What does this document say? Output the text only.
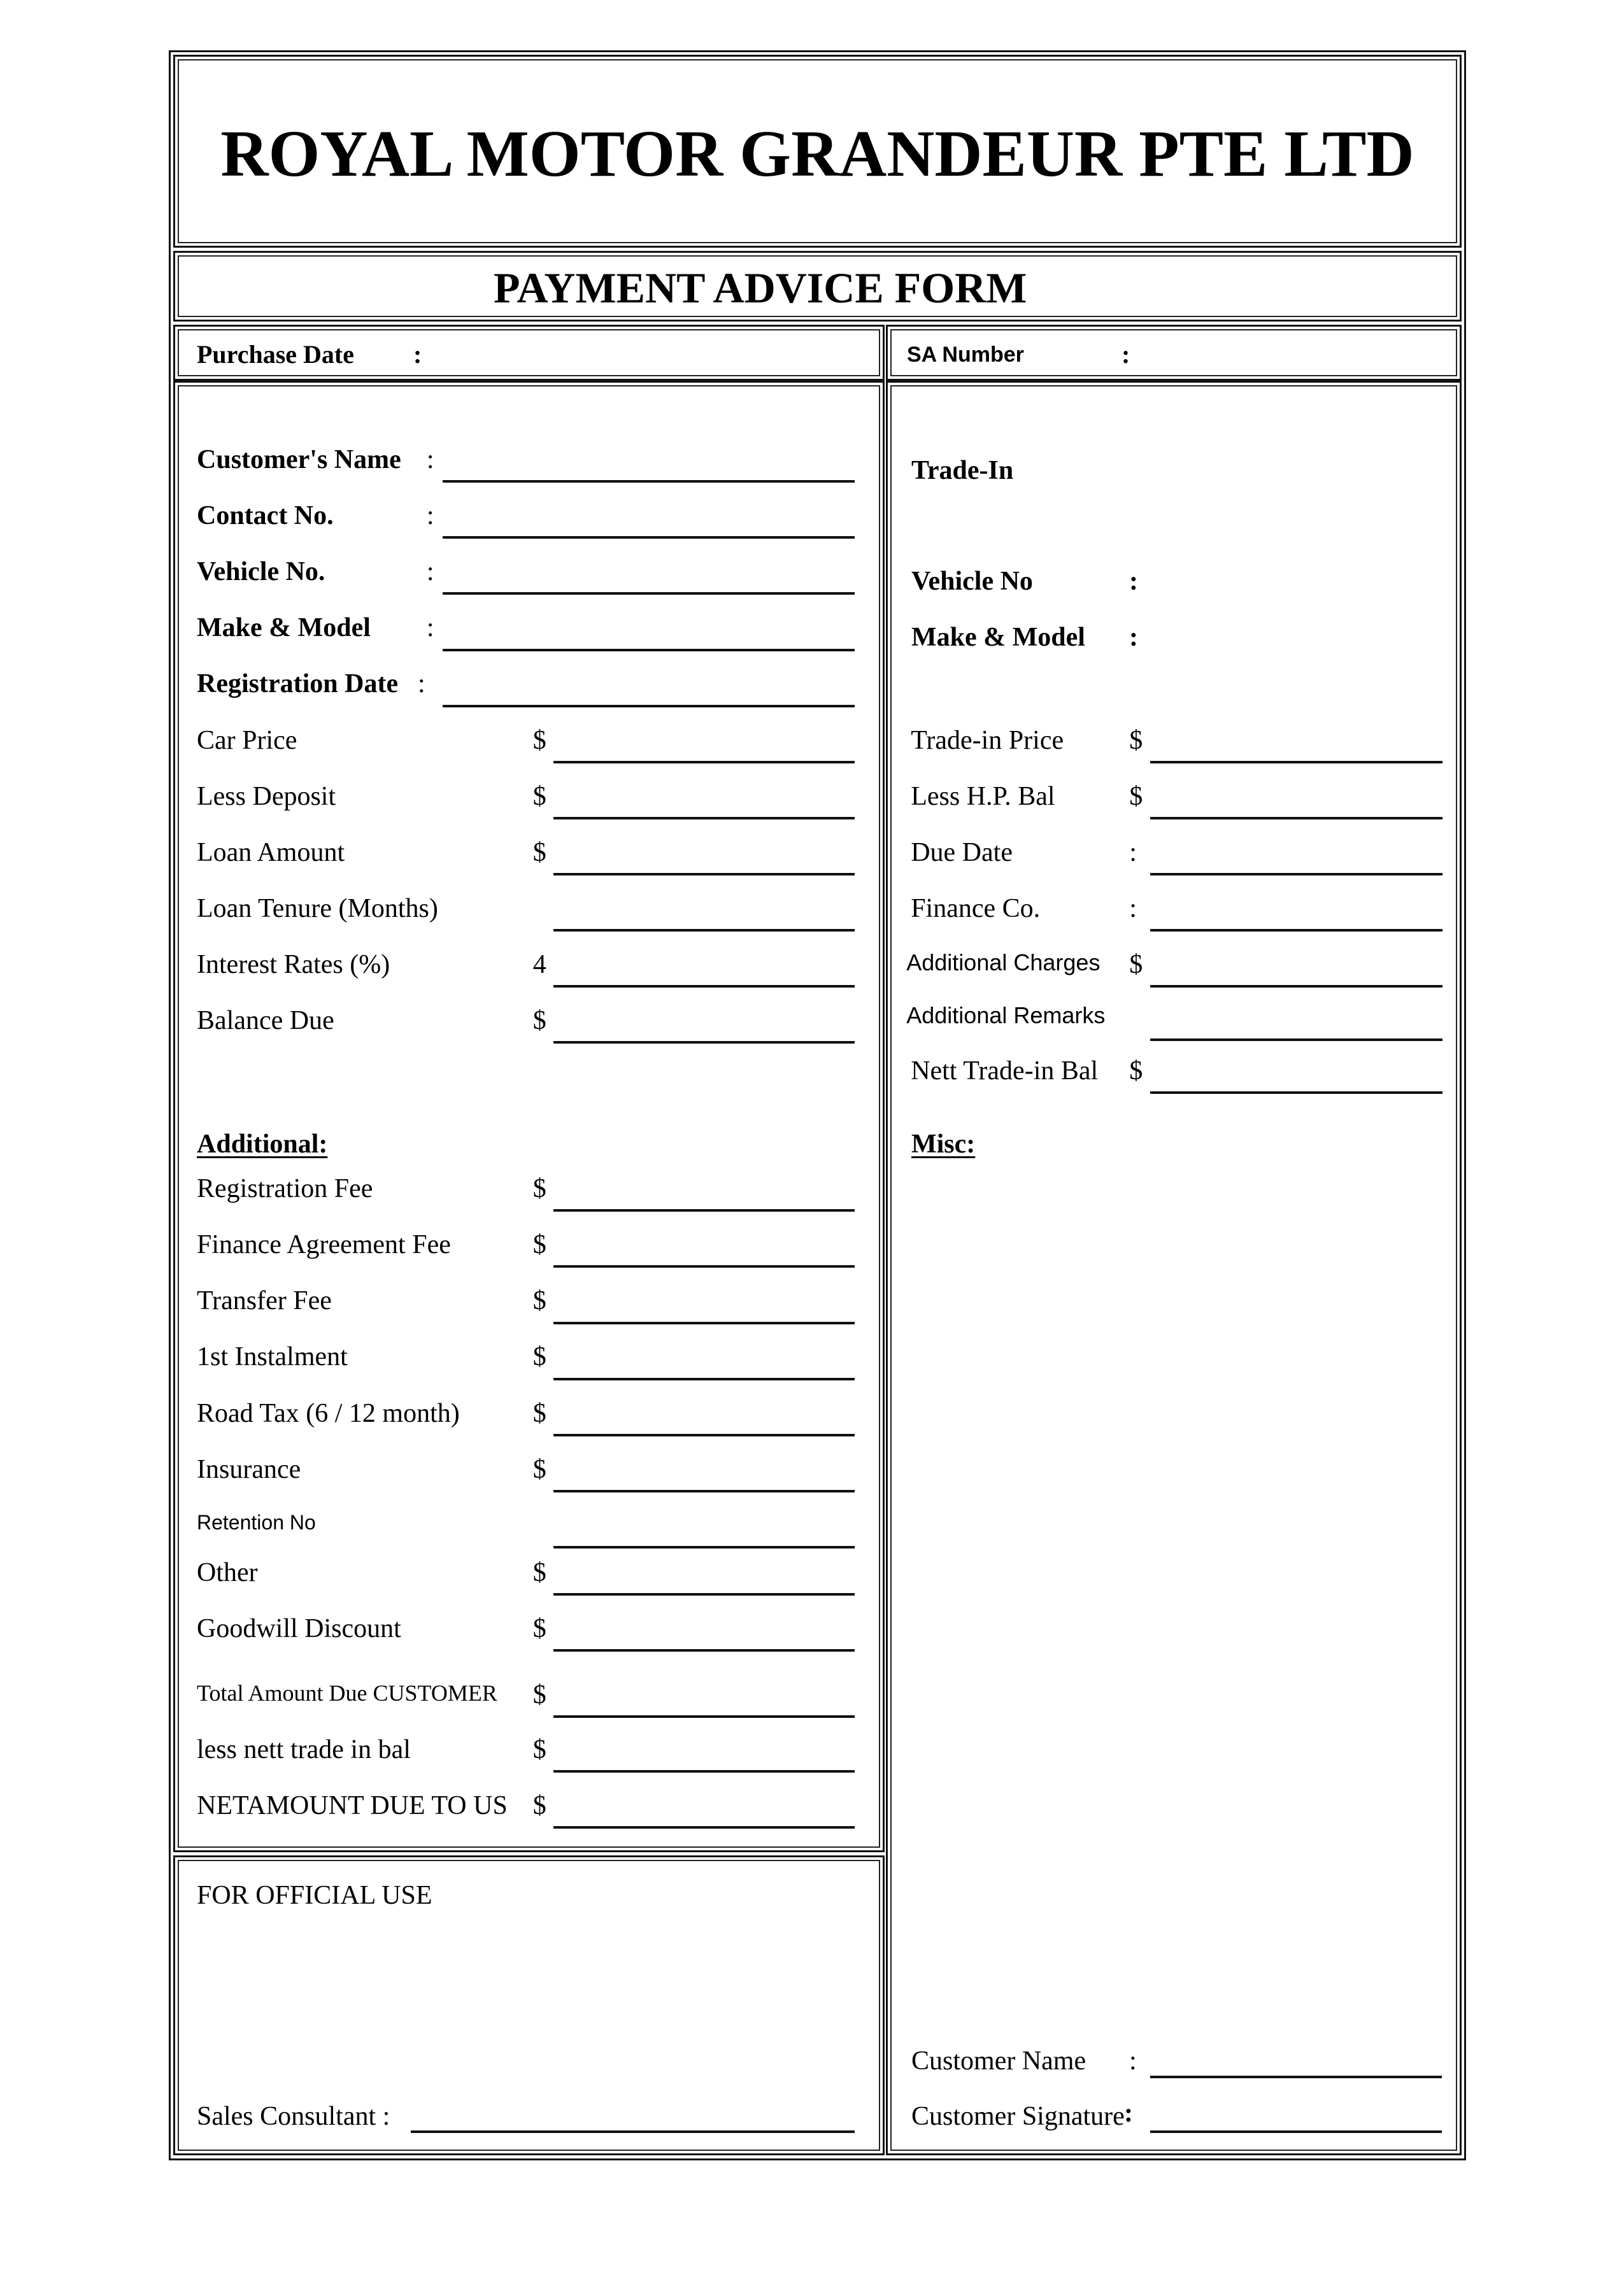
ROYAL MOTOR GRANDEUR PTE LTD
PAYMENT ADVICE FORM
Purchase Date :	SA Number	:
Customer's Name :
Contact No.	:
Vehicle No.	:
Make & Model :
Registration Date :
Car Price	$
Less Deposit	$
Loan Amount	$
Loan Tenure (Months)
Interest Rates (%)	4
Balance Due	$
Registration Fee	$
Finance Agreement Fee	$
Transfer Fee	$
1st Instalment	$
Road Tax (6 / 12 month)	$
Insurance	$
Retention No
Other	$
Goodwill Discount	$
Total Amount Due CUSTOMER $
less nett trade in bal	$
NETAMOUNT DUE TO US $
Trade-in Price $
Less H.P. Bal	$
Due Date	:
Finance Co.	:
Additional Charges $
Additional Remarks
Nett Trade-in Bal $
Additional:
FOR OFFICIAL USE
Sales Consultant :
Trade-In
Vehicle No	:
Make & Model :
Misc:
Customer Name :
Customer Signature :
